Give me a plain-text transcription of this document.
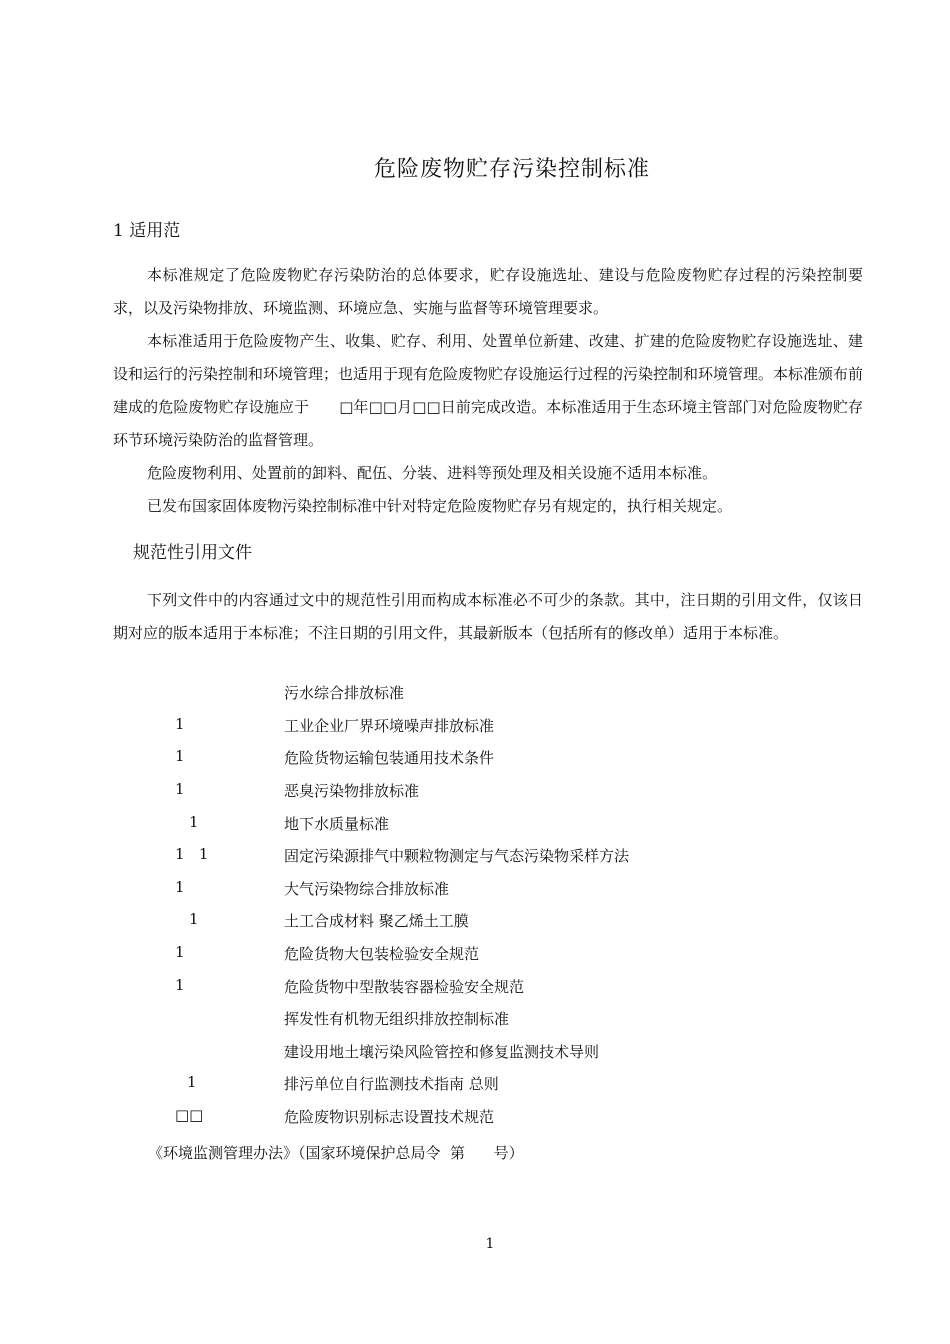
危险废物贮存污染控制标准
1 适用范

本标准规定了危险废物贮存污染防治的总体要求，贮存设施选址、建设与危险废物贮存过程的污染控制要求，以及污染物排放、环境监测、环境应急、实施与监督等环境管理要求。

本标准适用于危险废物产生、收集、贮存、利用、处置单位新建、改建、扩建的危险废物贮存设施选址、建设和运行的污染控制和环境管理；也适用于现有危险废物贮存设施运行过程的污染控制和环境管理。本标准颁布前建成的危险废物贮存设施应于　　□年□□月□□日前完成改造。本标准适用于生态环境主管部门对危险废物贮存环节环境污染防治的监督管理。

危险废物利用、处置前的卸料、配伍、分装、进料等预处理及相关设施不适用本标准。

已发布国家固体废物污染控制标准中针对特定危险废物贮存另有规定的，执行相关规定。

规范性引用文件

下列文件中的内容通过文中的规范性引用而构成本标准必不可少的条款。其中，注日期的引用文件，仅该日期对应的版本适用于本标准；不注日期的引用文件，其最新版本（包括所有的修改单）适用于本标准。

污水综合排放标准
1	工业企业厂界环境噪声排放标准
1	危险货物运输包装通用技术条件
1	恶臭污染物排放标准
1	地下水质量标准
1   1	固定污染源排气中颗粒物测定与气态污染物采样方法
1	大气污染物综合排放标准
1	土工合成材料 聚乙烯土工膜
1	危险货物大包装检验安全规范
1	危险货物中型散装容器检验安全规范
挥发性有机物无组织排放控制标准
建设用地土壤污染风险管控和修复监测技术导则
1	排污单位自行监测技术指南 总则
□□	危险废物识别标志设置技术规范
《环境监测管理办法》（国家环境保护总局令  第      号）
1
